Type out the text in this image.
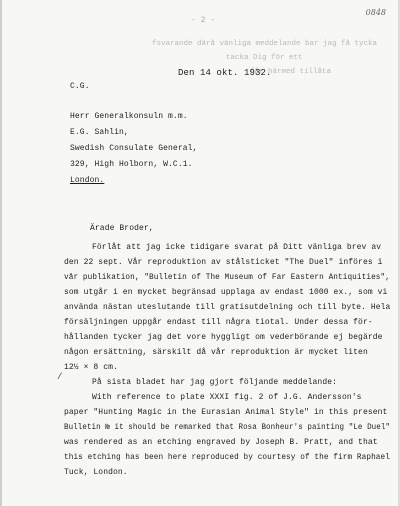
0848
- 2 -
fsvarande därå vänliga meddelande bar jag få tycka
tacka Dig för ett
får härmed tillåta
Den 14 okt. 1932.
C.G.
Herr Generalkonsuln m.m.
E.G. Sahlin,
Swedish Consulate General,
329, High Holborn, W.C.1.
London.
Ärade Broder,
Förlåt att jag icke tidigare svarat på Ditt vänliga brev av
den 22 sept. Vår reproduktion av stålsticket "The Duel" införes i
vår publikation, "Bulletin of The Museum of Far Eastern Antiquities",
som utgår i en mycket begränsad upplaga av endast 1000 ex., som vi
använda nästan uteslutande till gratisutdelning och till byte. Hela
försäljningen uppgår endast till några tiotal. Under dessa för-
hållanden tycker jag det vore hyggligt om vederbörande ej begärde
någon ersättning, särskilt då vår reproduktion är mycket liten
12½ × 8 cm.
På sista bladet har jag gjort följande meddelande:
With reference to plate XXXI fig. 2 of J.G. Andersson's
paper "Hunting Magic in the Eurasian Animal Style" in this present
Bulletin № it should be remarked that Rosa Bonheur's painting "Le Duel"
was rendered as an etching engraved by Joseph B. Pratt, and that
this etching has been here reproduced by courtesy of the firm Raphael
Tuck, London.
/
